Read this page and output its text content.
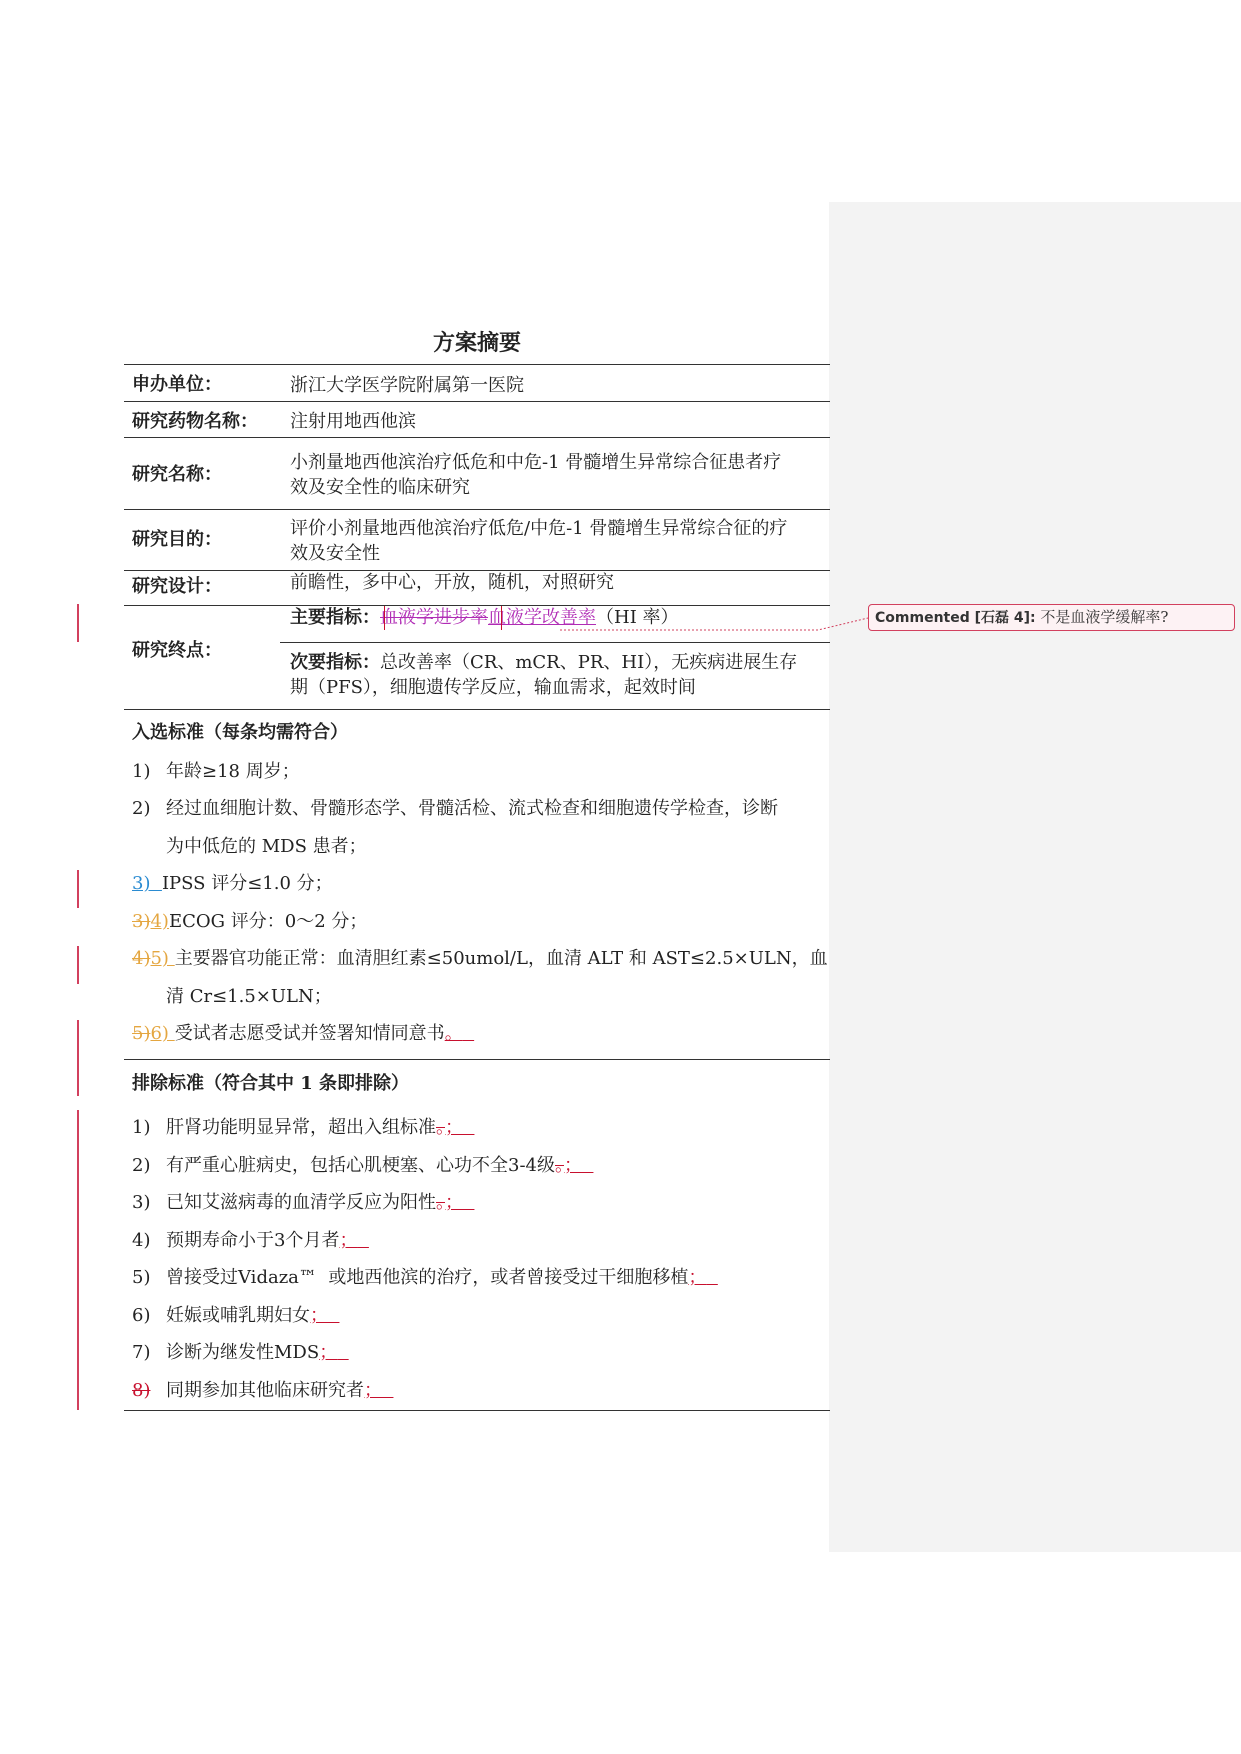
Commented [石磊 4]: 不是血液学缓解率?
方案摘要
申办单位：	浙江大学医学院附属第一医院
研究药物名称： 注射用地西他滨
研究名称：
小剂量地西他滨治疗低危和中危-1 骨髓增生异常综合征患者疗
效及安全性的临床研究
研究目的：
评价小剂量地西他滨治疗低危/中危-1 骨髓增生异常综合征的疗
效及安全性
研究设计：	前瞻性，多中心，开放，随机，对照研究
研究终点：
主要指标：血液学进步率血液学改善率（HI 率）
次要指标：总改善率（CR、mCR、PR、HI），无疾病进展生存
期（PFS），细胞遗传学反应，输血需求，起效时间
入选标准（每条均需符合）
1) 年龄≥18 周岁；
2) 经过血细胞计数、骨髓形态学、骨髓活检、流式检查和细胞遗传学检查，诊断
为中低危的 MDS 患者；
3) IPSS 评分≤1.0 分；
3)4)ECOG 评分：0～2 分；
4)5) 主要器官功能正常：血清胆红素≤50umol/L，血清 ALT 和 AST≤2.5×ULN，血
清 Cr≤1.5×ULN；
5)6) 受试者志愿受试并签署知情同意书。
排除标准（符合其中 1 条即排除）
1) 肝肾功能明显异常，超出入组标准。；
2) 有严重心脏病史，包括心肌梗塞、心功不全3-4级。；
3) 已知艾滋病毒的血清学反应为阳性。；
4) 预期寿命小于3个月者；
5) 曾接受过Vidaza™  或地西他滨的治疗，或者曾接受过干细胞移植；
6) 妊娠或哺乳期妇女；
7) 诊断为继发性MDS；
8)同期参加其他临床研究者；
